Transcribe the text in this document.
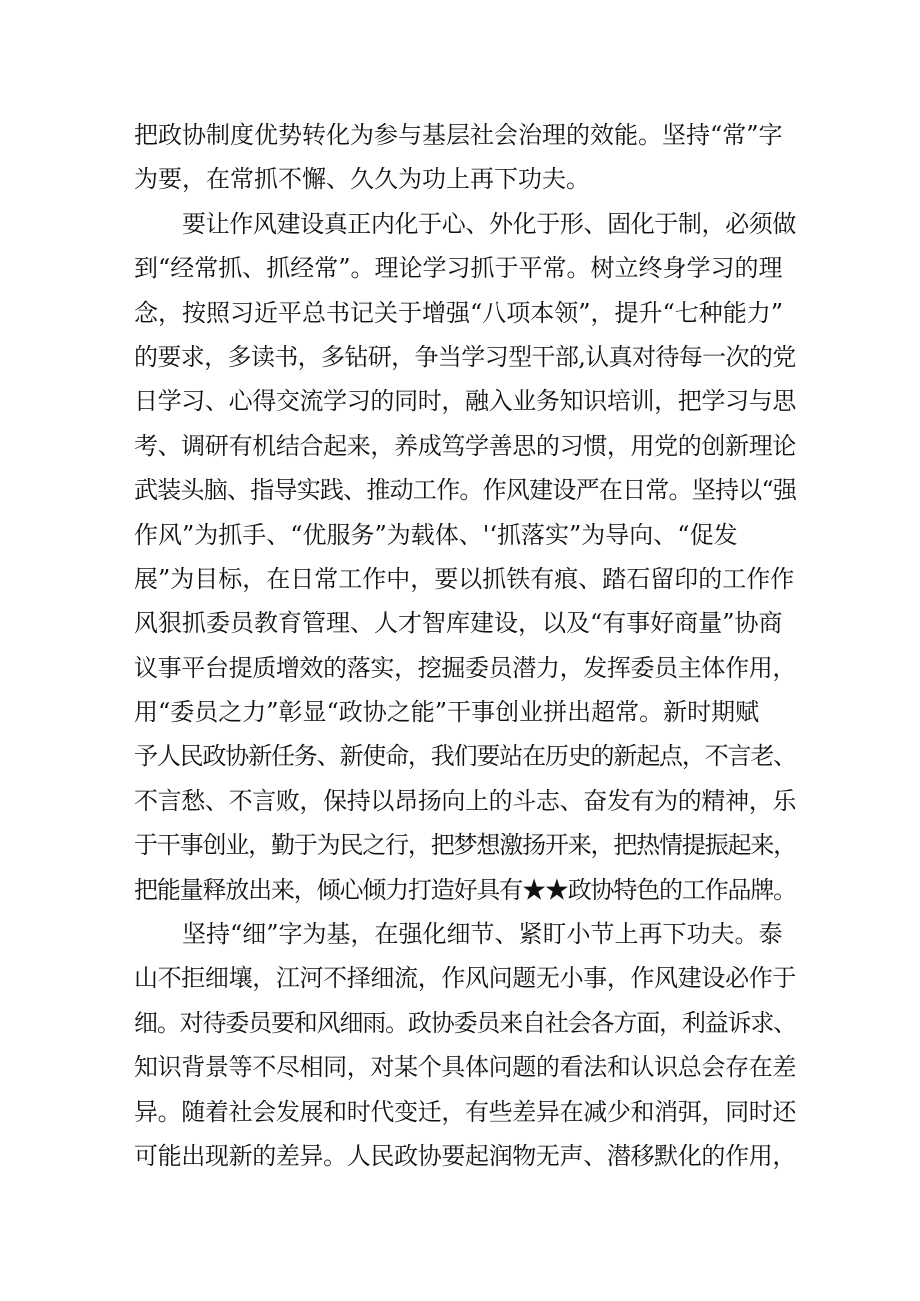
把政协制度优势转化为参与基层社会治理的效能。坚持“常”字
为要，在常抓不懈、久久为功上再下功夫。
要让作风建设真正内化于心、外化于形、固化于制，必须做
到“经常抓、抓经常”。理论学习抓于平常。树立终身学习的理
念，按照习近平总书记关于增强“八项本领”，提升“七种能力”
的要求，多读书，多钻研，争当学习型干部,认真对待每一次的党
日学习、心得交流学习的同时，融入业务知识培训，把学习与思
考、调研有机结合起来，养成笃学善思的习惯，用党的创新理论
武装头脑、指导实践、推动工作。作风建设严在日常。坚持以“强
作风”为抓手、“优服务”为载体、'‘抓落实”为导向、“促发
展”为目标，在日常工作中，要以抓铁有痕、踏石留印的工作作
风狠抓委员教育管理、人才智库建设，以及“有事好商量”协商
议事平台提质增效的落实，挖掘委员潜力，发挥委员主体作用，
用“委员之力”彰显“政协之能”干事创业拼出超常。新时期赋
予人民政协新任务、新使命，我们要站在历史的新起点，不言老、
不言愁、不言败，保持以昂扬向上的斗志、奋发有为的精神，乐
于干事创业，勤于为民之行，把梦想激扬开来，把热情提振起来，
把能量释放出来，倾心倾力打造好具有★★政协特色的工作品牌。
坚持“细”字为基，在强化细节、紧盯小节上再下功夫。泰
山不拒细壤，江河不择细流，作风问题无小事，作风建设必作于
细。对待委员要和风细雨。政协委员来自社会各方面，利益诉求、
知识背景等不尽相同，对某个具体问题的看法和认识总会存在差
异。随着社会发展和时代变迁，有些差异在减少和消弭，同时还
可能出现新的差异。人民政协要起润物无声、潜移默化的作用，
